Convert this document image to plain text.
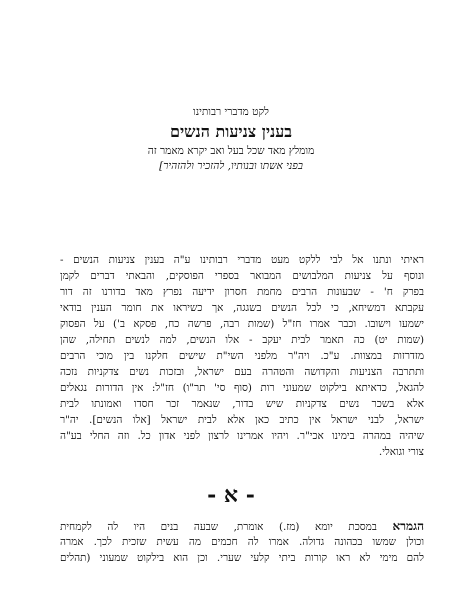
לקט מדברי רבותינו
בענין צניעות הנשים
מומלץ מאד שכל בעל ואב יקרא מאמר זה
בפני אשתו ובנותיו, להזכיר ולהזהיר]
ראיתי ונתנו אל לבי ללקט מעט מדברי רבותינו ע"ה בענין צניעות הנשים -
ונוסף על צניעות המלבושים המבואר בספרי הפוסקים, והבאתי דברים לקמן
בפרק ח' - שבעונות הרבים מחמת חסרון ידיעה נפרץ מאד בדורנו זה דור
עקבתא דמשיחא, כי לכל הנשים בשגגה, אך כשיראו את חומר הענין בודאי
ישמעו וישובו. וכבר אמרו חז"ל (שמות רבה, פרשה כח, פסקא ב') על הפסוק
(שמות יט) כה תאמר לבית יעקב - אלו הנשים, למה לנשים תחילה, שהן
מזדרזות במצוות. ע"כ. ויה"ר מלפני השי"ת שישים חלקנו בין מוכי הרבים
ותתרבה הצניעות והקדושה והטהרה בעם ישראל, ובזכות נשים צדקניות נזכה
להגאל, כדאיתא בילקוט שמעוני רות (סוף סי' תר"ו) חז"ל: אין הדורות נגאלים
אלא בשכר נשים צדקניות שיש בדור, שנאמר זכר חסדו ואמונתו לבית
ישראל, לבני ישראל אין כתיב כאן אלא לבית ישראל [אלו הנשים]. יה"ר
שיהיה במהרה בימינו אכי"ר. ויהיו אמרינו לרצון לפני אדון כל. וזה החלי בע"ה
צורי וגואלי.
- א -
הגמרא במסכת יומא (מז.) אומרת, שבעה בנים היו לה לקמחית
וכולן שמשו בכהונה גדולה. אמרו לה חכמים מה עשית שזכית לכך. אמרה
להם מימי לא ראו קורות ביתי קלעי שערי. וכן הוא בילקוט שמעוני (תהלים
